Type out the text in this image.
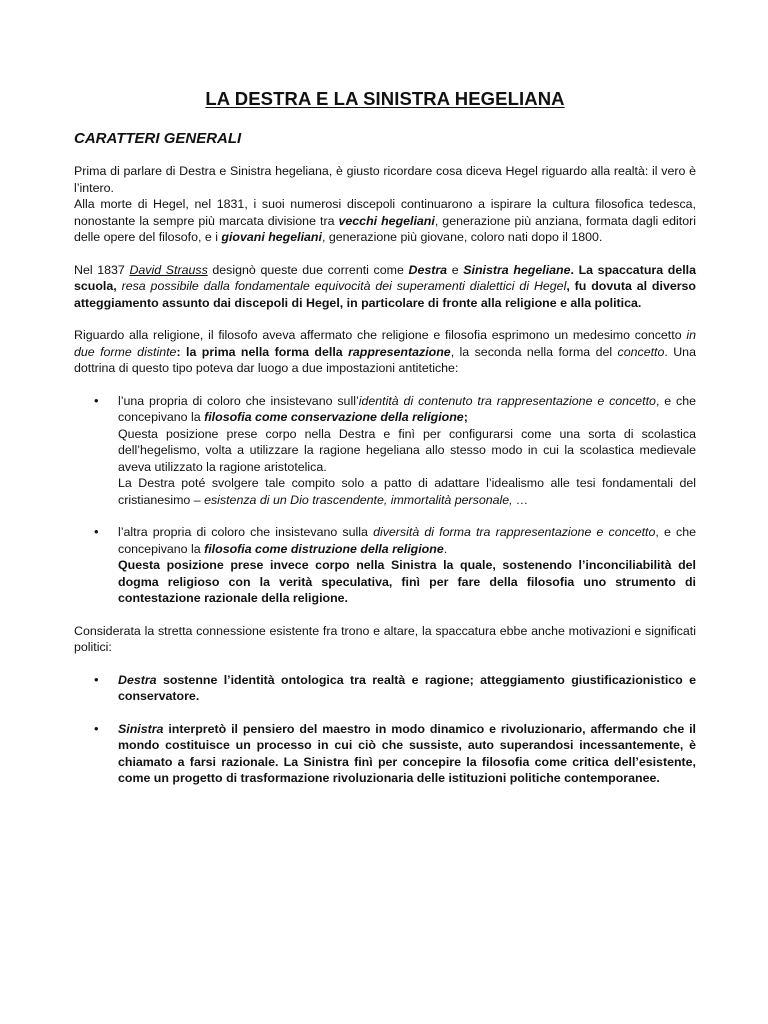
LA DESTRA E LA SINISTRA HEGELIANA
CARATTERI GENERALI

Prima di parlare di Destra e Sinistra hegeliana, è giusto ricordare cosa diceva Hegel riguardo alla realtà: il vero è l’intero.
Alla morte di Hegel, nel 1831, i suoi numerosi discepoli continuarono a ispirare la cultura filosofica tedesca, nonostante la sempre più marcata divisione tra vecchi hegeliani, generazione più anziana, formata dagli editori delle opere del filosofo, e i giovani hegeliani, generazione più giovane, coloro nati dopo il 1800.

Nel 1837 David Strauss designò queste due correnti come Destra e Sinistra hegeliane. La spaccatura della scuola, resa possibile dalla fondamentale equivocità dei superamenti dialettici di Hegel, fu dovuta al diverso atteggiamento assunto dai discepoli di Hegel, in particolare di fronte alla religione e alla politica.

Riguardo alla religione, il filosofo aveva affermato che religione e filosofia esprimono un medesimo concetto in due forme distinte: la prima nella forma della rappresentazione, la seconda nella forma del concetto. Una dottrina di questo tipo poteva dar luogo a due impostazioni antitetiche:

• l’una propria di coloro che insistevano sull’identità di contenuto tra rappresentazione e concetto, e che concepivano la filosofia come conservazione della religione;
Questa posizione prese corpo nella Destra e finì per configurarsi come una sorta di scolastica dell’hegelismo, volta a utilizzare la ragione hegeliana allo stesso modo in cui la scolastica medievale aveva utilizzato la ragione aristotelica.
La Destra poté svolgere tale compito solo a patto di adattare l’idealismo alle tesi fondamentali del cristianesimo – esistenza di un Dio trascendente, immortalità personale, …
• l’altra propria di coloro che insistevano sulla diversità di forma tra rappresentazione e concetto, e che concepivano la filosofia come distruzione della religione.
Questa posizione prese invece corpo nella Sinistra la quale, sostenendo l’inconciliabilità del dogma religioso con la verità speculativa, finì per fare della filosofia uno strumento di contestazione razionale della religione.

Considerata la stretta connessione esistente fra trono e altare, la spaccatura ebbe anche motivazioni e significati politici:

• Destra sostenne l’identità ontologica tra realtà e ragione; atteggiamento giustificazionistico e conservatore.
• Sinistra interpretò il pensiero del maestro in modo dinamico e rivoluzionario, affermando che il mondo costituisce un processo in cui ciò che sussiste, auto superandosi incessantemente, è chiamato a farsi razionale. La Sinistra finì per concepire la filosofia come critica dell’esistente, come un progetto di trasformazione rivoluzionaria delle istituzioni politiche contemporanee.
